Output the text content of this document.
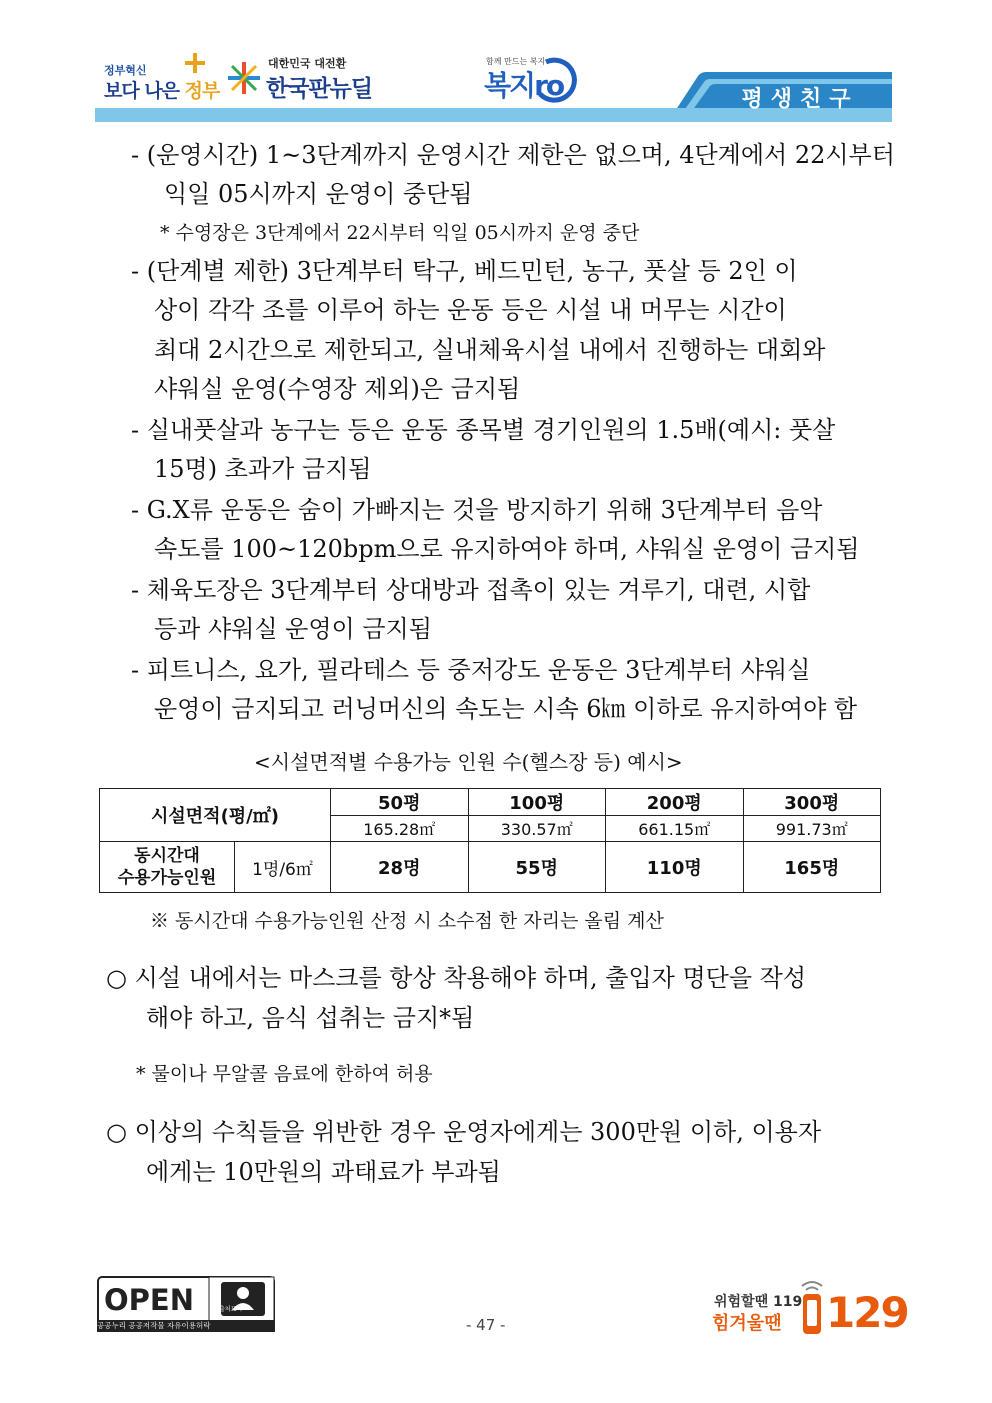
정부혁신
보다 나은 정부
대한민국 대전환
한국판뉴딜
함께 만드는 복지
복지ro	평생친구
- (운영시간) 1~3단계까지 운영시간 제한은 없으며, 4단계에서 22시부터
익일 05시까지 운영이 중단됨
* 수영장은 3단계에서 22시부터 익일 05시까지 운영 중단
- (단계별 제한) 3단계부터 탁구, 베드민턴, 농구, 풋살 등 2인 이
상이 각각 조를 이루어 하는 운동 등은 시설 내 머무는 시간이
최대 2시간으로 제한되고, 실내체육시설 내에서 진행하는 대회와
샤워실 운영(수영장 제외)은 금지됨
- 실내풋살과 농구는 등은 운동 종목별 경기인원의 1.5배(예시: 풋살
15명) 초과가 금지됨
- G.X류 운동은 숨이 가빠지는 것을 방지하기 위해 3단계부터 음악
속도를 100~120bpm으로 유지하여야 하며, 샤워실 운영이 금지됨
- 체육도장은 3단계부터 상대방과 접촉이 있는 겨루기, 대련, 시합
등과 샤워실 운영이 금지됨
- 피트니스, 요가, 필라테스 등 중저강도 운동은 3단계부터 샤워실
운영이 금지되고 러닝머신의 속도는 시속 6㎞ 이하로 유지하여야 함
<시설면적별 수용가능 인원 수(헬스장 등) 예시>
시설면적(평/㎡)		50평	100평	200평	300평
		165.28㎡	330.57㎡	661.15㎡	991.73㎡
동시간대
수용가능인원	1명/6㎡	28명	55명	110명	165명
※ 동시간대 수용가능인원 산정 시 소수점 한 자리는 올림 계산
○ 시설 내에서는 마스크를 항상 착용해야 하며, 출입자 명단을 작성
해야 하고, 음식 섭취는 금지*됨
* 물이나 무알콜 음료에 한하여 허용
○ 이상의 수칙들을 위반한 경우 운영자에게는 300만원 이하, 이용자
에게는 10만원의 과태료가 부과됨
OPEN	출처표시
공공누리 공공저작물 자유이용허락	- 47 -
위험할땐 119
힘겨울땐 129
